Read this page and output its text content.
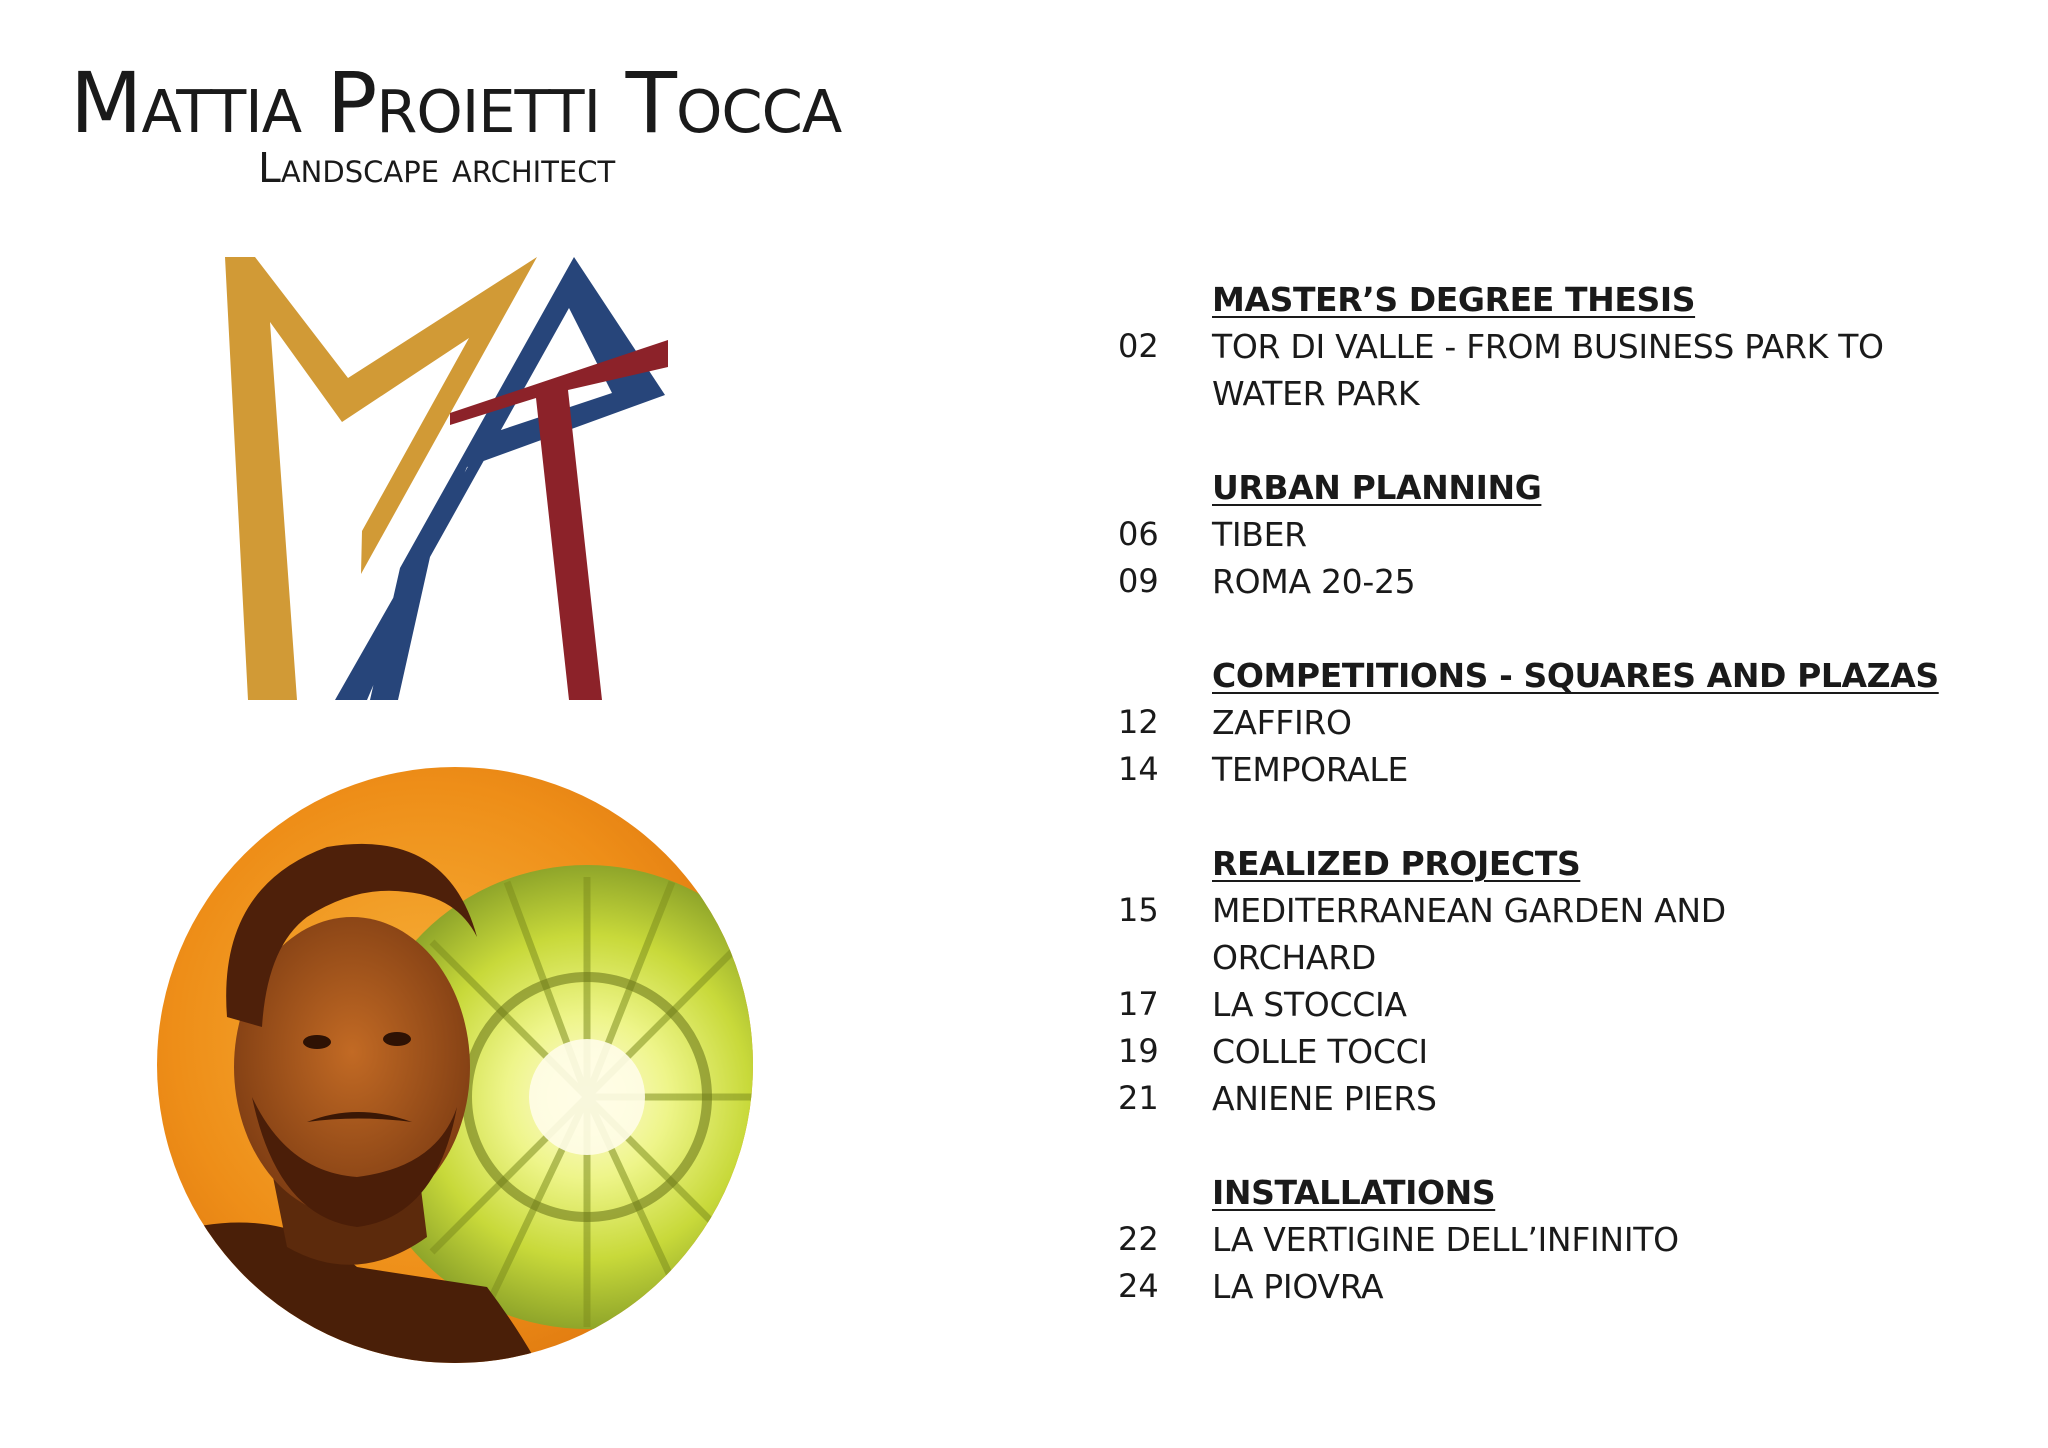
Mattia Proietti Tocca
Landscape architect
MASTER’S DEGREE THESIS
02	TOR DI VALLE - FROM BUSINESS PARK TO WATER PARK
URBAN PLANNING
06	TIBER
09	ROMA 20-25
COMPETITIONS - SQUARES AND PLAZAS
12	ZAFFIRO
14	TEMPORALE
REALIZED PROJECTS
15	MEDITERRANEAN GARDEN AND ORCHARD
17	LA STOCCIA
19	COLLE TOCCI
21	ANIENE PIERS
INSTALLATIONS
22	LA VERTIGINE DELL’INFINITO
24	LA PIOVRA
